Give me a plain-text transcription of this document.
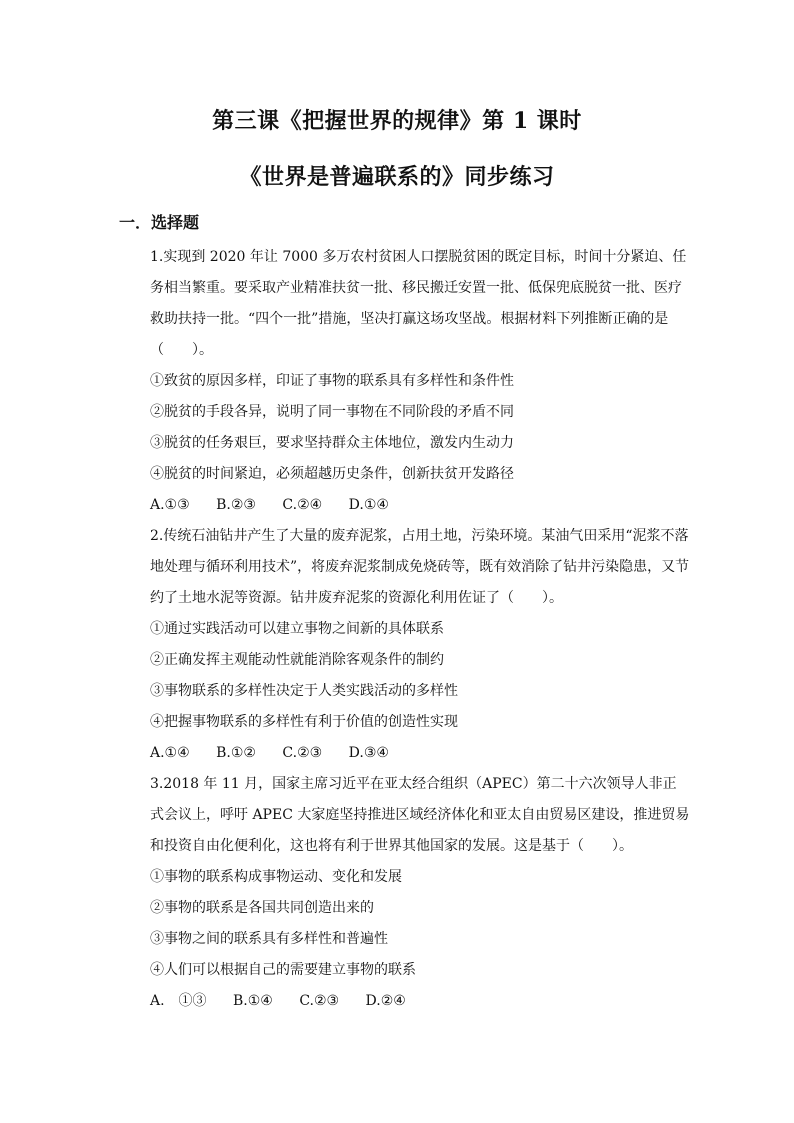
第三课《把握世界的规律》第 1 课时
《世界是普遍联系的》同步练习
一．选择题

1.实现到 2020 年让 7000 多万农村贫困人口摆脱贫困的既定目标，时间十分紧迫、任务相当繁重。要采取产业精准扶贫一批、移民搬迁安置一批、低保兜底脱贫一批、医疗救助扶持一批。“四个一批”措施，坚决打赢这场攻坚战。根据材料下列推断正确的是（　　）。

①致贫的原因多样，印证了事物的联系具有多样性和条件性

②脱贫的手段各异，说明了同一事物在不同阶段的矛盾不同

③脱贫的任务艰巨，要求坚持群众主体地位，激发内生动力

④脱贫的时间紧迫，必须超越历史条件，创新扶贫开发路径

A.①③ B.②③ C.②④ D.①④

2.传统石油钻井产生了大量的废弃泥浆，占用土地，污染环境。某油气田采用“泥浆不落地处理与循环利用技术”，将废弃泥浆制成免烧砖等，既有效消除了钻井污染隐患，又节约了土地水泥等资源。钻井废弃泥浆的资源化利用佐证了（　　）。

①通过实践活动可以建立事物之间新的具体联系

②正确发挥主观能动性就能消除客观条件的制约

③事物联系的多样性决定于人类实践活动的多样性

④把握事物联系的多样性有利于价值的创造性实现

A.①④ B.①② C.②③ D.③④

3.2018 年 11 月，国家主席习近平在亚太经合组织（APEC）第二十六次领导人非正式会议上，呼吁 APEC 大家庭坚持推进区域经济体化和亚太自由贸易区建设，推进贸易和投资自由化便利化，这也将有利于世界其他国家的发展。这是基于（　　）。

①事物的联系构成事物运动、变化和发展

②事物的联系是各国共同创造出来的

③事物之间的联系具有多样性和普遍性

④人们可以根据自己的需要建立事物的联系

A.　①③ B.①④ C.②③ D.②④
